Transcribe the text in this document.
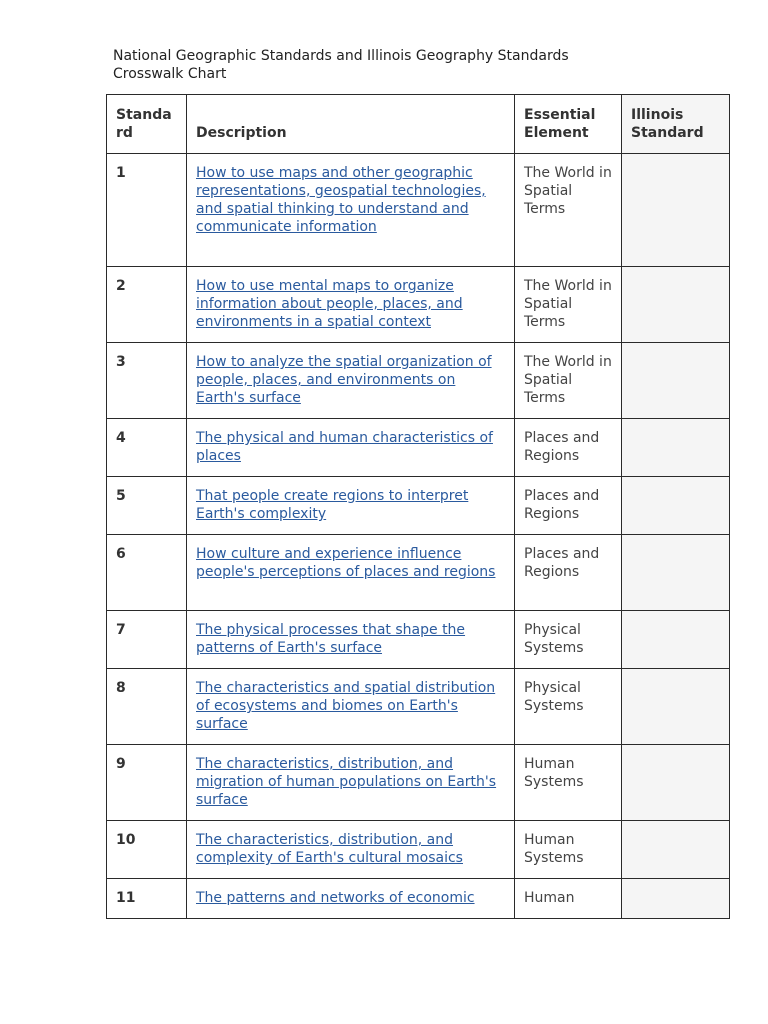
National Geographic Standards and Illinois Geography Standards
Crosswalk Chart
Standa rd	Description	Essential Element	Illinois Standard
1	How to use maps and other geographic representations, geospatial technologies, and spatial thinking to understand and communicate information	The World in Spatial Terms	
2	How to use mental maps to organize information about people, places, and environments in a spatial context	The World in Spatial Terms	
3	How to analyze the spatial organization of people, places, and environments on Earth's surface	The World in Spatial Terms	
4	The physical and human characteristics of places	Places and Regions	
5	That people create regions to interpret Earth's complexity	Places and Regions	
6	How culture and experience influence people's perceptions of places and regions	Places and Regions	
7	The physical processes that shape the patterns of Earth's surface	Physical Systems	
8	The characteristics and spatial distribution of ecosystems and biomes on Earth's surface	Physical Systems	
9	The characteristics, distribution, and migration of human populations on Earth's surface	Human Systems	
10	The characteristics, distribution, and complexity of Earth's cultural mosaics	Human Systems	
11	The patterns and networks of economic	Human	
